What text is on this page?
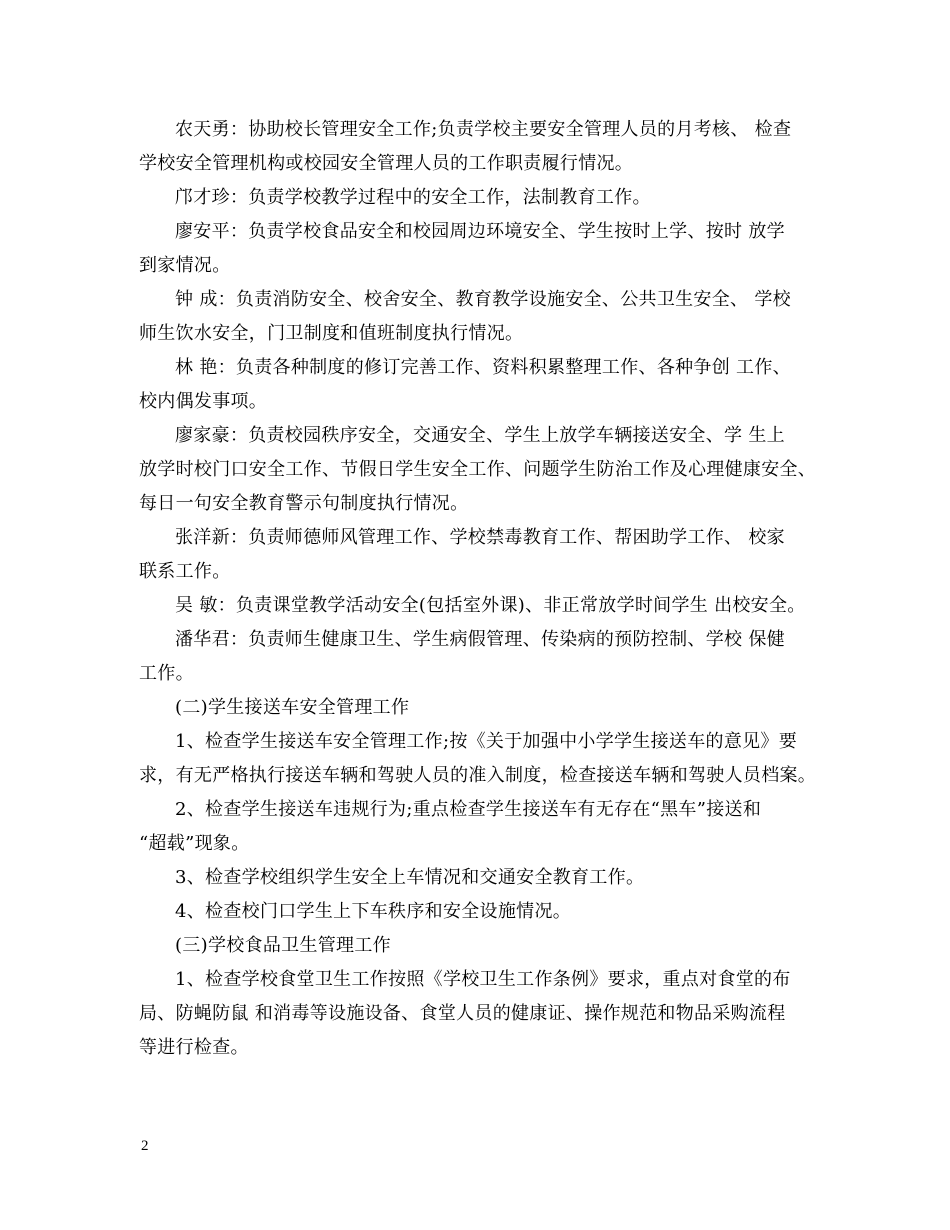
农天勇：协助校长管理安全工作;负责学校主要安全管理人员的月考核、 检查
学校安全管理机构或校园安全管理人员的工作职责履行情况。

邝才珍：负责学校教学过程中的安全工作，法制教育工作。

廖安平：负责学校食品安全和校园周边环境安全、学生按时上学、按时 放学
到家情况。

钟 成：负责消防安全、校舍安全、教育教学设施安全、公共卫生安全、 学校
师生饮水安全，门卫制度和值班制度执行情况。

林 艳：负责各种制度的修订完善工作、资料积累整理工作、各种争创 工作、
校内偶发事项。

廖家豪：负责校园秩序安全，交通安全、学生上放学车辆接送安全、学 生上
放学时校门口安全工作、节假日学生安全工作、问题学生防治工作及心理健康安全、
每日一句安全教育警示句制度执行情况。

张洋新：负责师德师风管理工作、学校禁毒教育工作、帮困助学工作、 校家
联系工作。

吴 敏：负责课堂教学活动安全(包括室外课)、非正常放学时间学生 出校安全。

潘华君：负责师生健康卫生、学生病假管理、传染病的预防控制、学校 保健
工作。

(二)学生接送车安全管理工作

1、检查学生接送车安全管理工作;按《关于加强中小学学生接送车的意见》要
求，有无严格执行接送车辆和驾驶人员的准入制度，检查接送车辆和驾驶人员档案。

2、检查学生接送车违规行为;重点检查学生接送车有无存在“黑车”接送和
“超载”现象。

3、检查学校组织学生安全上车情况和交通安全教育工作。

4、检查校门口学生上下车秩序和安全设施情况。

(三)学校食品卫生管理工作

1、检查学校食堂卫生工作按照《学校卫生工作条例》要求，重点对食堂的布
局、防蝇防鼠 和消毒等设施设备、食堂人员的健康证、操作规范和物品采购流程
等进行检查。

2
